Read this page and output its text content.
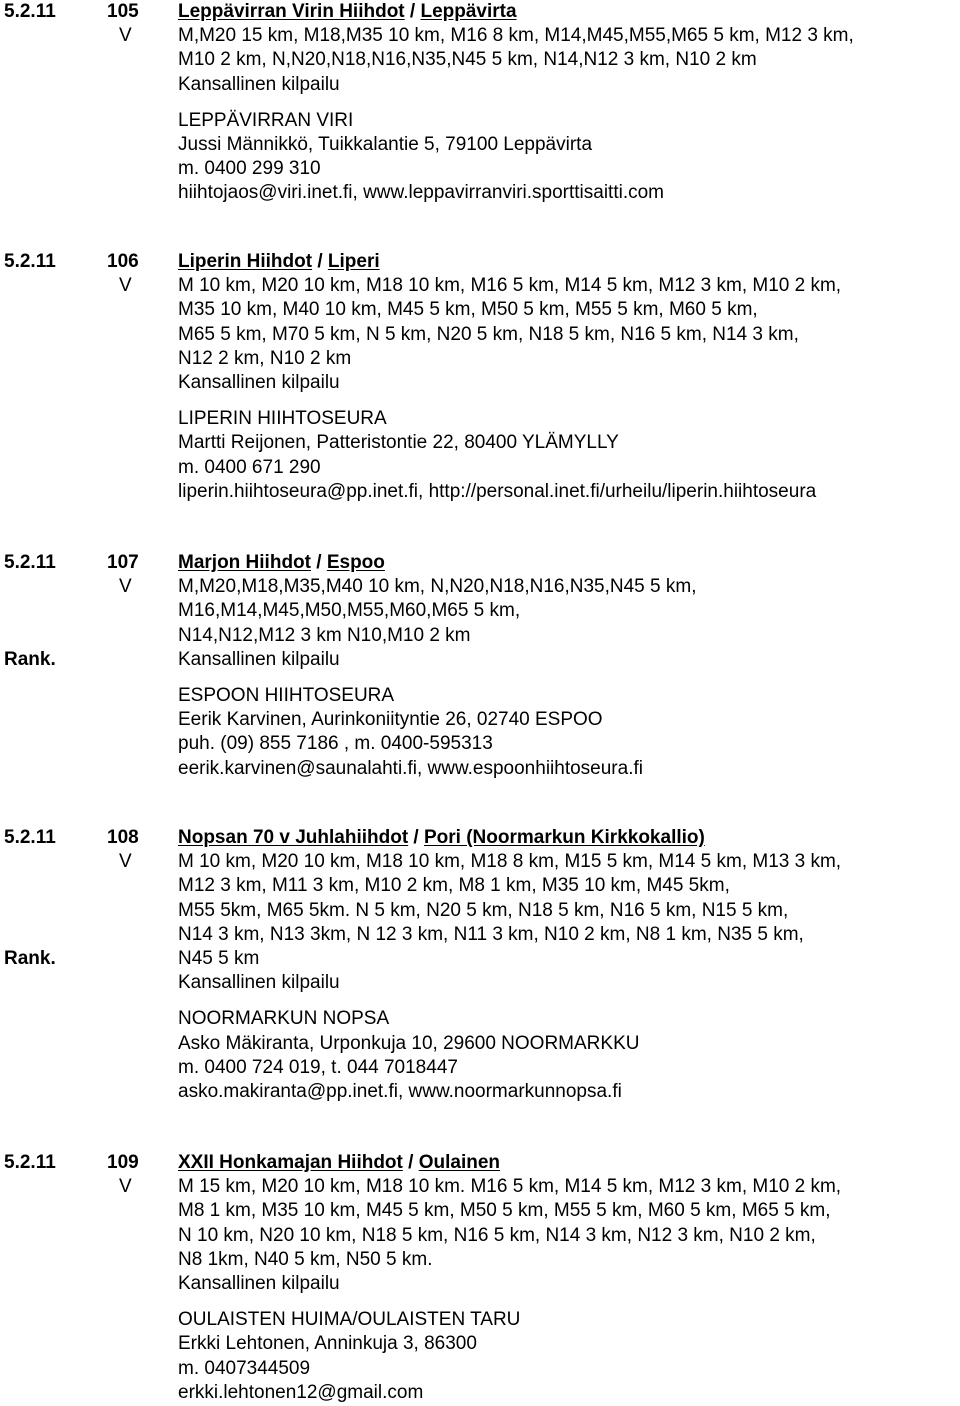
5.2.11	105
V
Leppävirran Virin Hiihdot / Leppävirta
M,M20 15 km, M18,M35 10 km, M16 8 km, M14,M45,M55,M65 5 km, M12 3 km,
M10 2 km, N,N20,N18,N16,N35,N45 5 km, N14,N12 3 km, N10 2 km
Kansallinen kilpailu
LEPPÄVIRRAN VIRI
Jussi Männikkö, Tuikkalantie 5, 79100 Leppävirta
m. 0400 299 310
hiihtojaos@viri.inet.fi, www.leppavirranviri.sporttisaitti.com
5.2.11	106
V
Liperin Hiihdot / Liperi
M 10 km, M20 10 km, M18 10 km, M16 5 km, M14 5 km, M12 3 km, M10 2 km,
M35 10 km, M40 10 km, M45 5 km, M50 5 km, M55 5 km, M60 5 km,
M65 5 km, M70 5 km, N 5 km, N20 5 km, N18 5 km, N16 5 km, N14 3 km,
N12 2 km, N10 2 km
Kansallinen kilpailu
LIPERIN HIIHTOSEURA
Martti Reijonen, Patteristontie 22, 80400 YLÄMYLLY
m. 0400 671 290
liperin.hiihtoseura@pp.inet.fi, http://personal.inet.fi/urheilu/liperin.hiihtoseura
5.2.11	107
V
Rank.
Marjon Hiihdot / Espoo
M,M20,M18,M35,M40 10 km, N,N20,N18,N16,N35,N45 5 km,
M16,M14,M45,M50,M55,M60,M65 5 km,
N14,N12,M12 3 km N10,M10 2 km
Kansallinen kilpailu
ESPOON HIIHTOSEURA
Eerik Karvinen, Aurinkoniityntie 26, 02740 ESPOO
puh. (09) 855 7186 , m. 0400-595313
eerik.karvinen@saunalahti.fi, www.espoonhiihtoseura.fi
5.2.11	108
V
Rank.
Nopsan 70 v Juhlahiihdot / Pori (Noormarkun Kirkkokallio)
M 10 km, M20 10 km, M18 10 km, M18 8 km, M15 5 km, M14 5 km, M13 3 km,
M12 3 km, M11 3 km, M10 2 km, M8 1 km, M35 10 km, M45 5km,
M55 5km, M65 5km. N 5 km, N20 5 km, N18 5 km, N16 5 km, N15 5 km,
N14 3 km, N13 3km, N 12 3 km, N11 3 km, N10 2 km, N8 1 km, N35 5 km,
N45 5 km
Kansallinen kilpailu
NOORMARKUN NOPSA
Asko Mäkiranta, Urponkuja 10, 29600 NOORMARKKU
m. 0400 724 019, t. 044 7018447
asko.makiranta@pp.inet.fi, www.noormarkunnopsa.fi
5.2.11	109
V
XXII Honkamajan Hiihdot / Oulainen
M 15 km, M20 10 km, M18 10 km. M16 5 km, M14 5 km, M12 3 km, M10 2 km,
M8 1 km, M35 10 km, M45 5 km, M50 5 km, M55 5 km, M60 5 km, M65 5 km,
N 10 km, N20 10 km, N18 5 km, N16 5 km, N14 3 km, N12 3 km, N10 2 km,
N8 1km, N40 5 km, N50 5 km.
Kansallinen kilpailu
OULAISTEN HUIMA/OULAISTEN TARU
Erkki Lehtonen, Anninkuja 3, 86300
m. 0407344509
erkki.lehtonen12@gmail.com
